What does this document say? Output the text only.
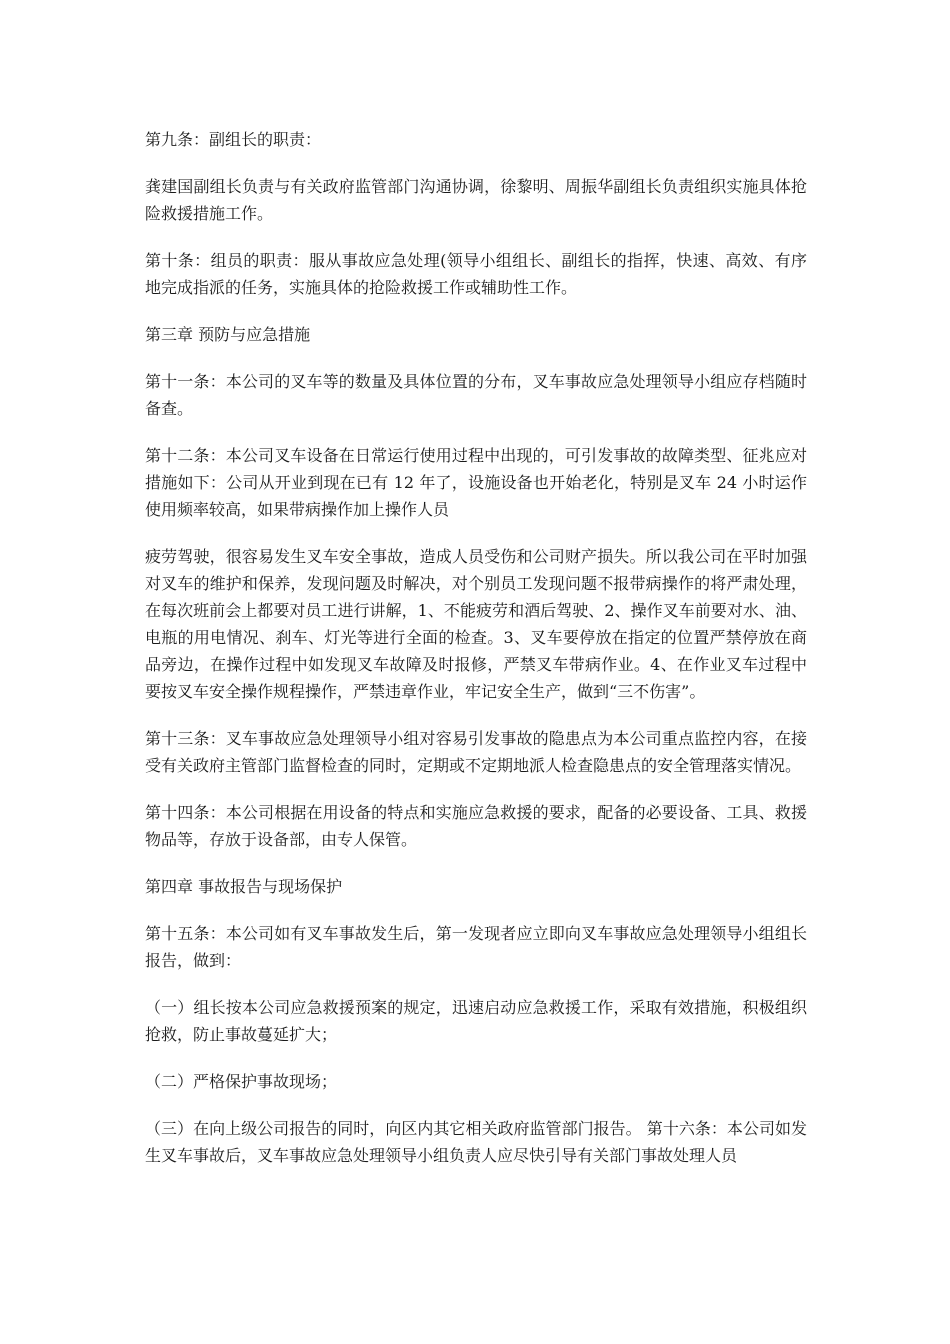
第九条：副组长的职责：

龚建国副组长负责与有关政府监管部门沟通协调，徐黎明、周振华副组长负责组织实施具体抢险救援措施工作。

第十条：组员的职责：服从事故应急处理(领导小组组长、副组长的指挥，快速、高效、有序地完成指派的任务，实施具体的抢险救援工作或辅助性工作。

第三章 预防与应急措施

第十一条：本公司的叉车等的数量及具体位置的分布，叉车事故应急处理领导小组应存档随时备查。

第十二条：本公司叉车设备在日常运行使用过程中出现的，可引发事故的故障类型、征兆应对措施如下：公司从开业到现在已有 12 年了，设施设备也开始老化，特别是叉车 24 小时运作使用频率较高，如果带病操作加上操作人员

疲劳驾驶，很容易发生叉车安全事故，造成人员受伤和公司财产损失。所以我公司在平时加强对叉车的维护和保养，发现问题及时解决，对个别员工发现问题不报带病操作的将严肃处理，在每次班前会上都要对员工进行讲解，1、不能疲劳和酒后驾驶、2、操作叉车前要对水、油、电瓶的用电情况、刹车、灯光等进行全面的检查。3、叉车要停放在指定的位置严禁停放在商品旁边，在操作过程中如发现叉车故障及时报修，严禁叉车带病作业。4、在作业叉车过程中要按叉车安全操作规程操作，严禁违章作业，牢记安全生产，做到“三不伤害”。

第十三条：叉车事故应急处理领导小组对容易引发事故的隐患点为本公司重点监控内容，在接受有关政府主管部门监督检查的同时，定期或不定期地派人检查隐患点的安全管理落实情况。

第十四条：本公司根据在用设备的特点和实施应急救援的要求，配备的必要设备、工具、救援物品等，存放于设备部，由专人保管。

第四章 事故报告与现场保护

第十五条：本公司如有叉车事故发生后，第一发现者应立即向叉车事故应急处理领导小组组长报告，做到：

（一）组长按本公司应急救援预案的规定，迅速启动应急救援工作，采取有效措施，积极组织抢救，防止事故蔓延扩大；

（二）严格保护事故现场；

（三）在向上级公司报告的同时，向区内其它相关政府监管部门报告。 第十六条：本公司如发生叉车事故后，叉车事故应急处理领导小组负责人应尽快引导有关部门事故处理人员
